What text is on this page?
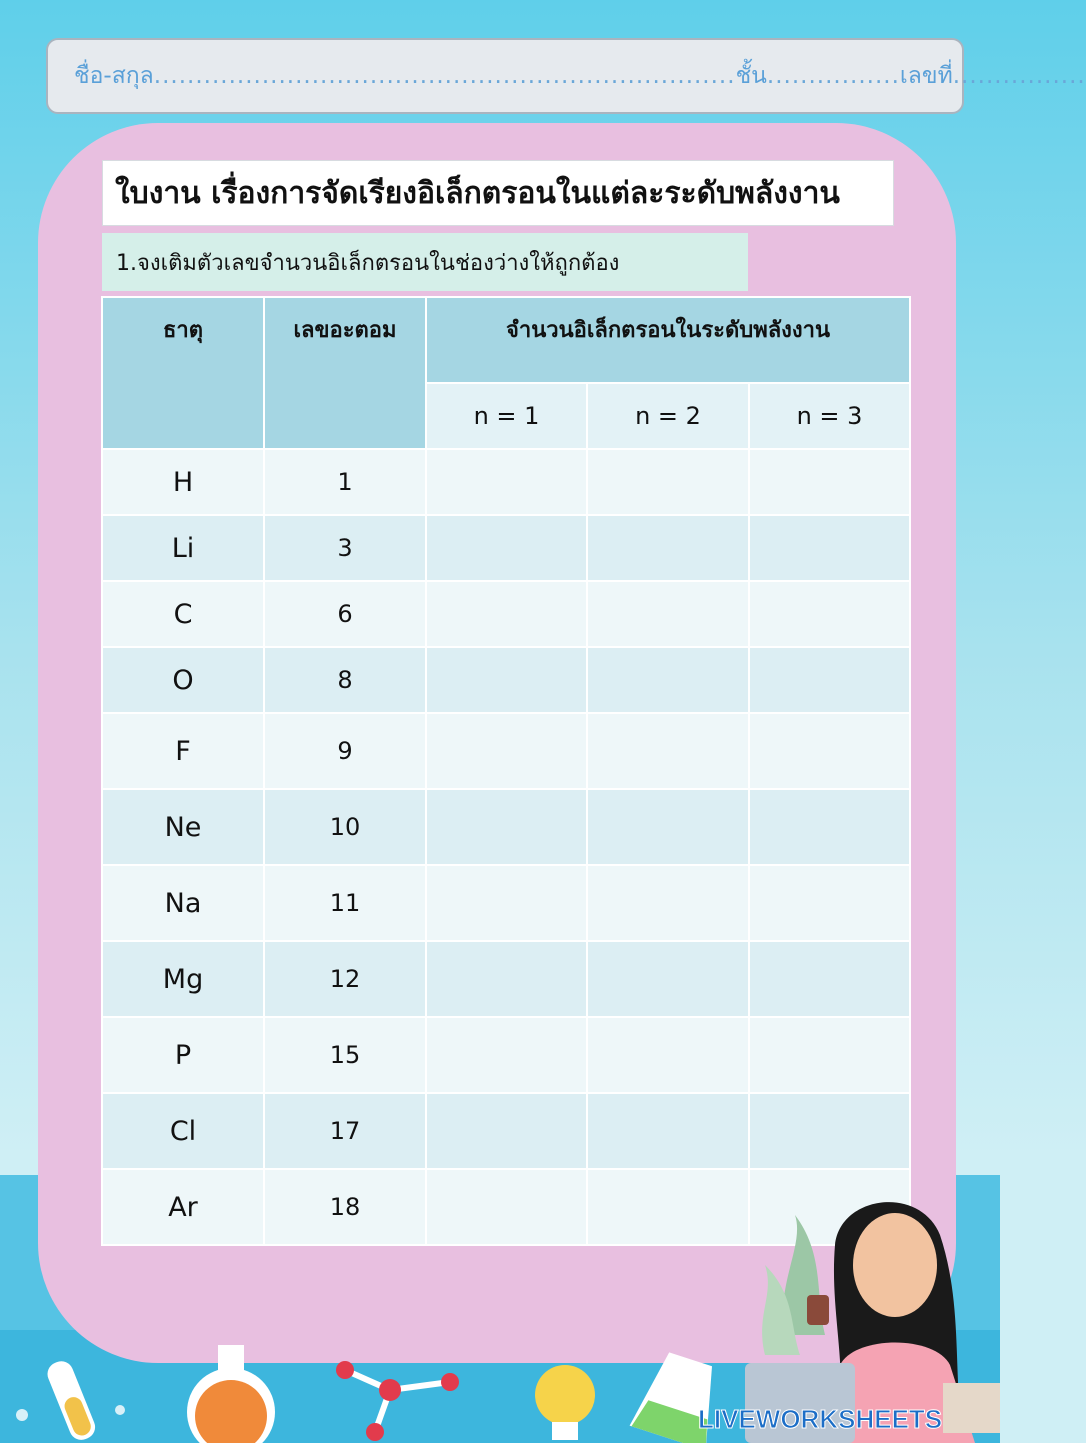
ชื่อ-สกุล ...................................................................... ชั้น ................ เลขที่ ................
ใบงาน เรื่องการจัดเรียงอิเล็กตรอนในแต่ละระดับพลังงาน
1.จงเติมตัวเลขจำนวนอิเล็กตรอนในช่องว่างให้ถูกต้อง
ธาตุ	เลขอะตอม	จำนวนอิเล็กตรอนในระดับพลังงาน		
		n = 1	n = 2	n = 3
H	1			
Li	3			
C	6			
O	8			
F	9			
Ne	10			
Na	11			
Mg	12			
P	15			
Cl	17			
Ar	18			
LIVEWORKSHEETS
